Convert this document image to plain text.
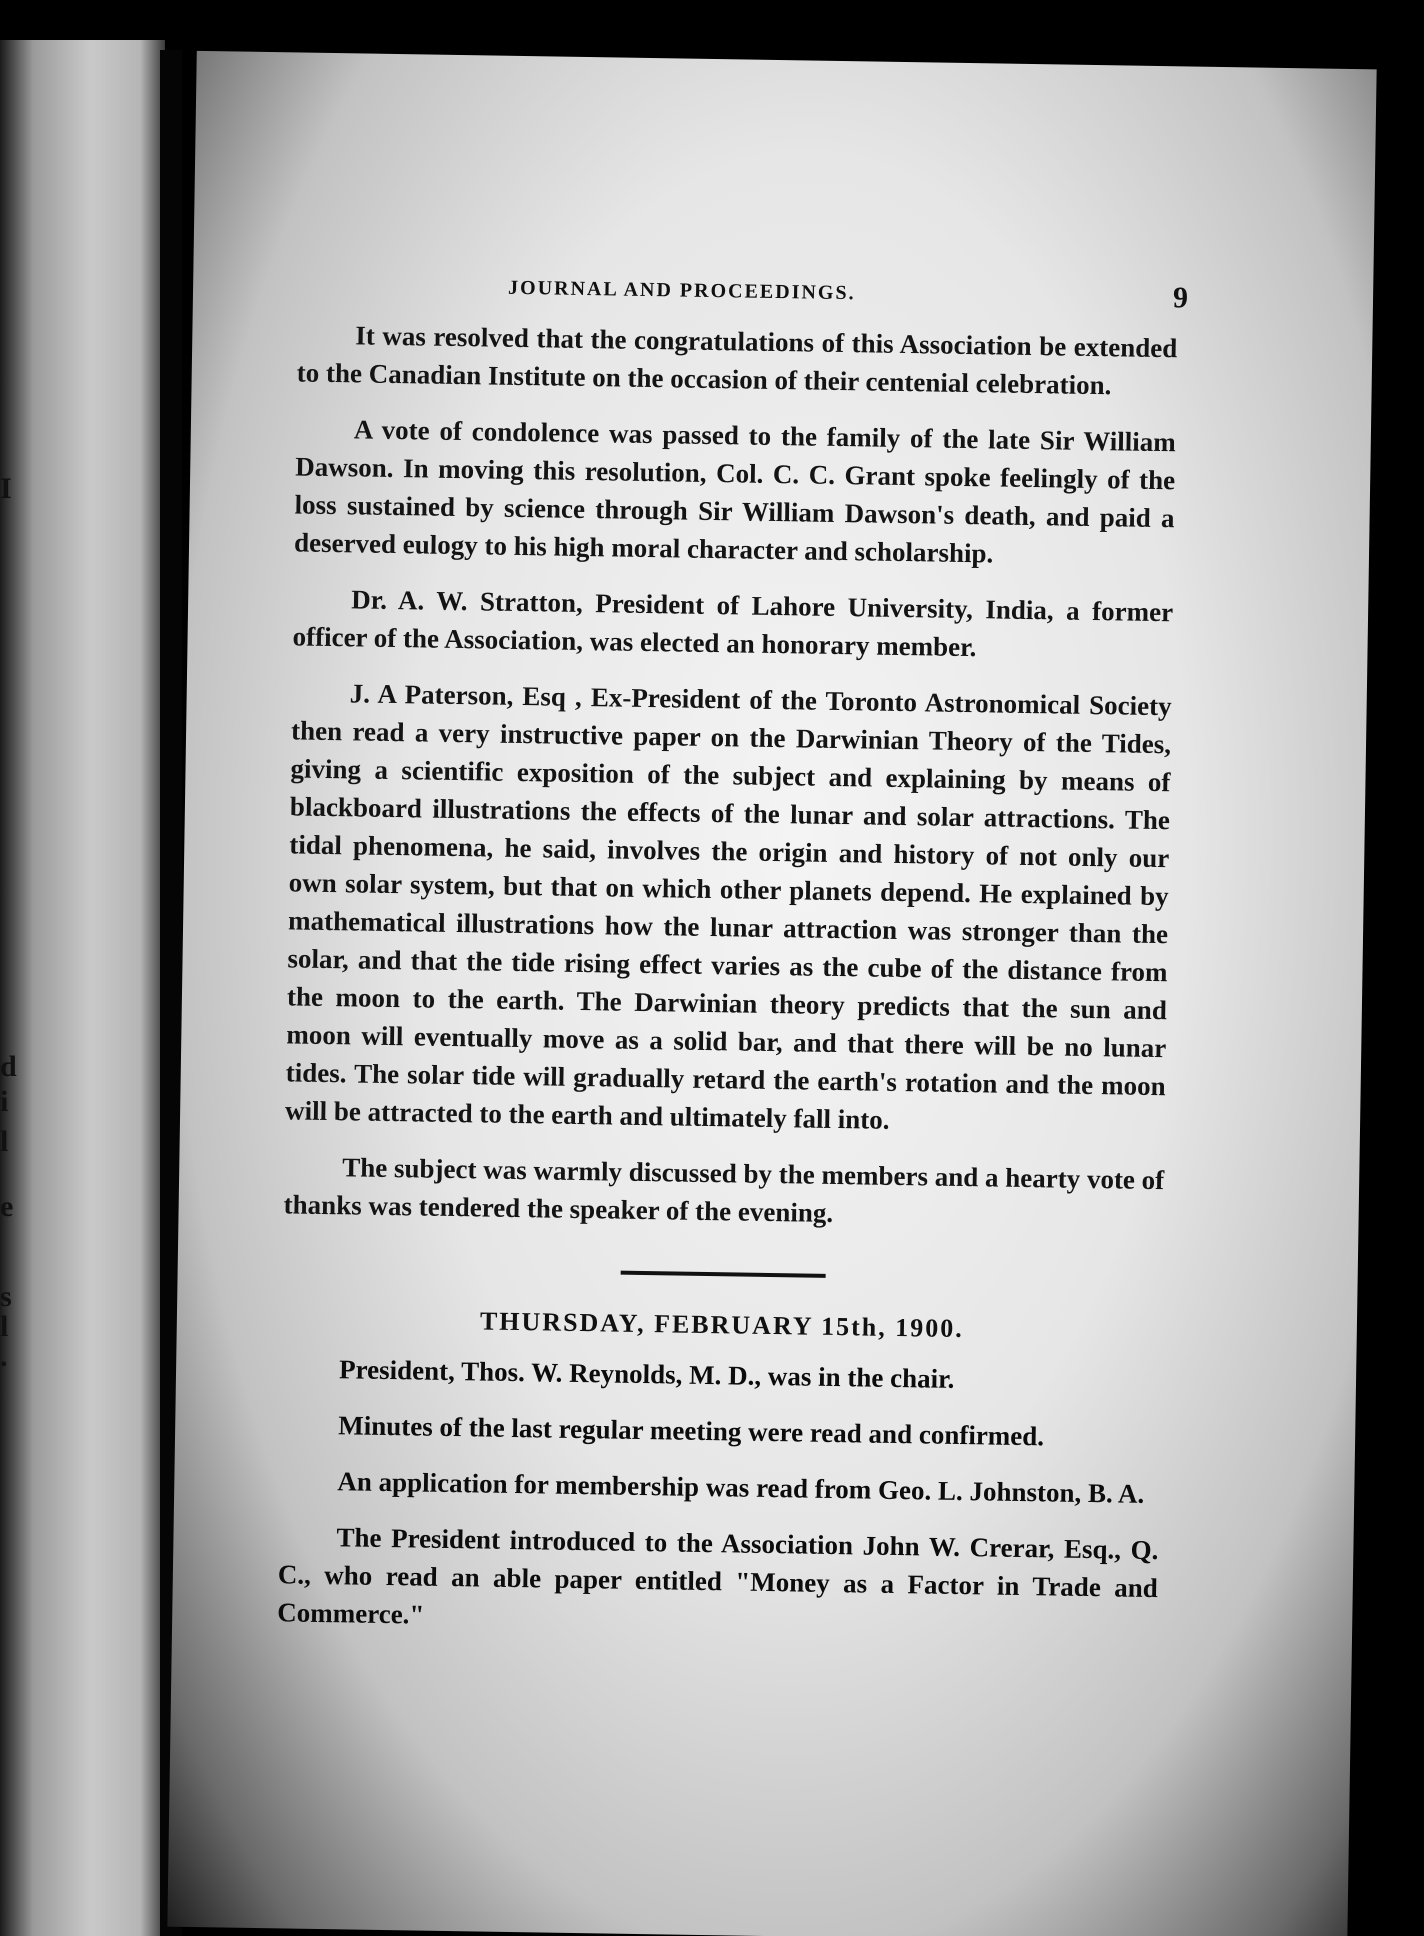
I
d
i
l
e
s
l
.
JOURNAL AND PROCEEDINGS.	9

It was resolved that the congratulations of this Association be extended to the Canadian Institute on the occasion of their centenial celebration.

A vote of condolence was passed to the family of the late Sir William Dawson. In moving this resolution, Col. C. C. Grant spoke feelingly of the loss sustained by science through Sir William Dawson's death, and paid a deserved eulogy to his high moral character and scholarship.

Dr. A. W. Stratton, President of Lahore University, India, a former officer of the Association, was elected an honorary member.

J. A Paterson, Esq , Ex-President of the Toronto Astronomical Society then read a very instructive paper on the Darwinian Theory of the Tides, giving a scientific exposition of the subject and explaining by means of blackboard illustrations the effects of the lunar and solar attractions. The tidal phenomena, he said, involves the origin and history of not only our own solar system, but that on which other planets depend. He explained by mathematical illustrations how the lunar attraction was stronger than the solar, and that the tide rising effect varies as the cube of the distance from the moon to the earth. The Darwinian theory predicts that the sun and moon will eventually move as a solid bar, and that there will be no lunar tides. The solar tide will gradually retard the earth's rotation and the moon will be attracted to the earth and ultimately fall into.

The subject was warmly discussed by the members and a hearty vote of thanks was tendered the speaker of the evening.

THURSDAY, FEBRUARY 15th, 1900.

President, Thos. W. Reynolds, M. D., was in the chair.

Minutes of the last regular meeting were read and confirmed.

An application for membership was read from Geo. L. Johnston, B. A.

The President introduced to the Association John W. Crerar, Esq., Q. C., who read an able paper entitled "Money as a Factor in Trade and Commerce."
